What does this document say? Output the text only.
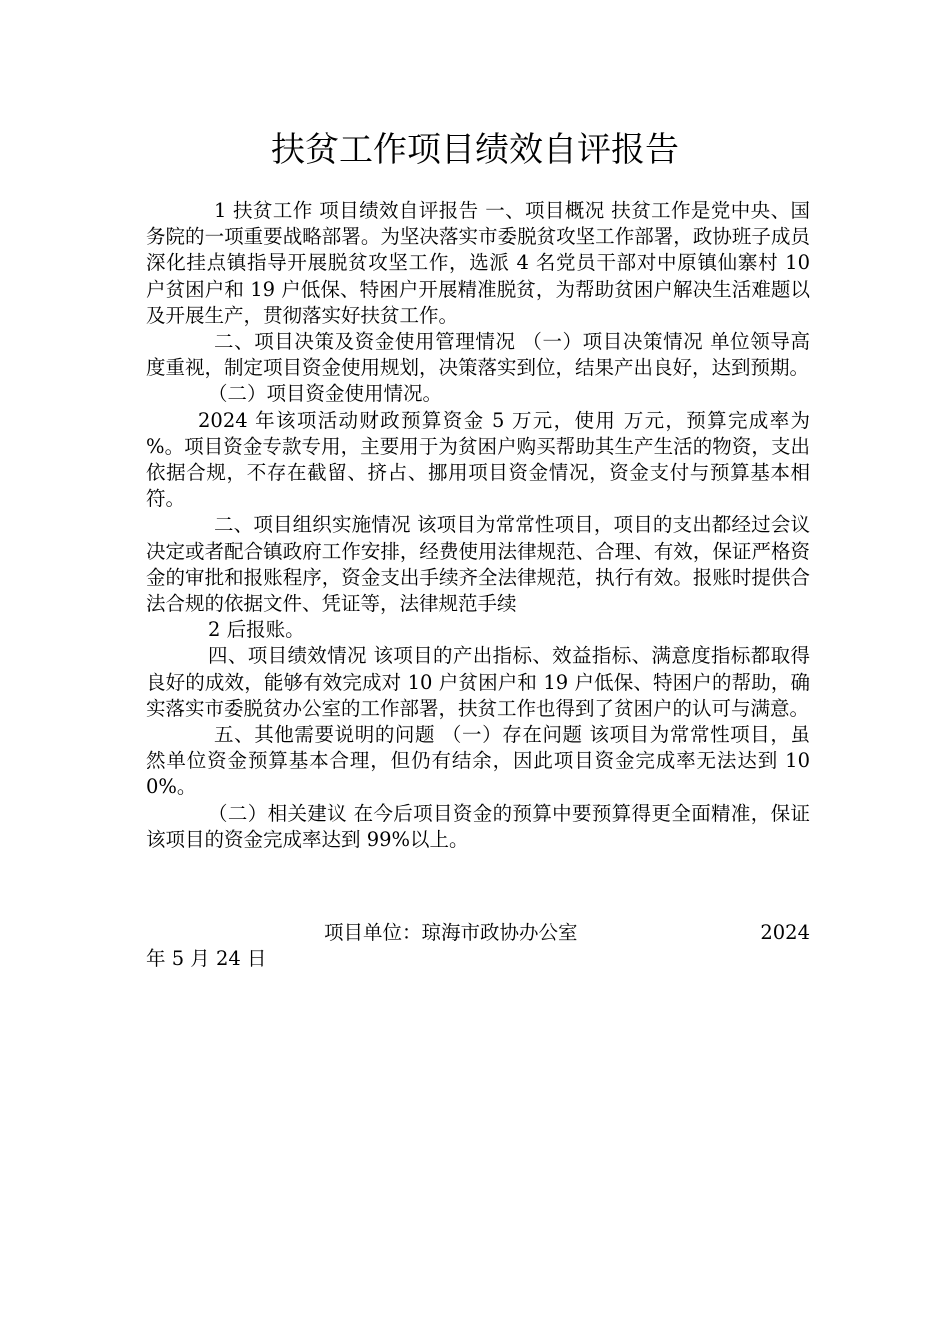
扶贫工作项目绩效自评报告

1 扶贫工作 项目绩效自评报告 一、项目概况 扶贫工作是党中央、国务院的一项重要战略部署。为坚决落实市委脱贫攻坚工作部署，政协班子成员深化挂点镇指导开展脱贫攻坚工作，选派 4 名党员干部对中原镇仙寨村 10 户贫困户和 19 户低保、特困户开展精准脱贫，为帮助贫困户解决生活难题以及开展生产，贯彻落实好扶贫工作。

二、项目决策及资金使用管理情况 （一）项目决策情况 单位领导高度重视，制定项目资金使用规划，决策落实到位，结果产出良好，达到预期。

（二）项目资金使用情况。

2024 年该项活动财政预算资金 5 万元，使用 万元，预算完成率为 %。项目资金专款专用，主要用于为贫困户购买帮助其生产生活的物资，支出依据合规，不存在截留、挤占、挪用项目资金情况，资金支付与预算基本相符。

二、项目组织实施情况 该项目为常常性项目，项目的支出都经过会议决定或者配合镇政府工作安排，经费使用法律规范、合理、有效，保证严格资金的审批和报账程序，资金支出手续齐全法律规范，执行有效。报账时提供合法合规的依据文件、凭证等，法律规范手续

2 后报账。

四、项目绩效情况 该项目的产出指标、效益指标、满意度指标都取得良好的成效，能够有效完成对 10 户贫困户和 19 户低保、特困户的帮助，确实落实市委脱贫办公室的工作部署，扶贫工作也得到了贫困户的认可与满意。

五、其他需要说明的问题 （一）存在问题 该项目为常常性项目，虽然单位资金预算基本合理，但仍有结余，因此项目资金完成率无法达到 100%。

（二）相关建议 在今后项目资金的预算中要预算得更全面精准，保证该项目的资金完成率达到 99%以上。

项目单位：琼海市政协办公室	2024
年 5 月 24 日
